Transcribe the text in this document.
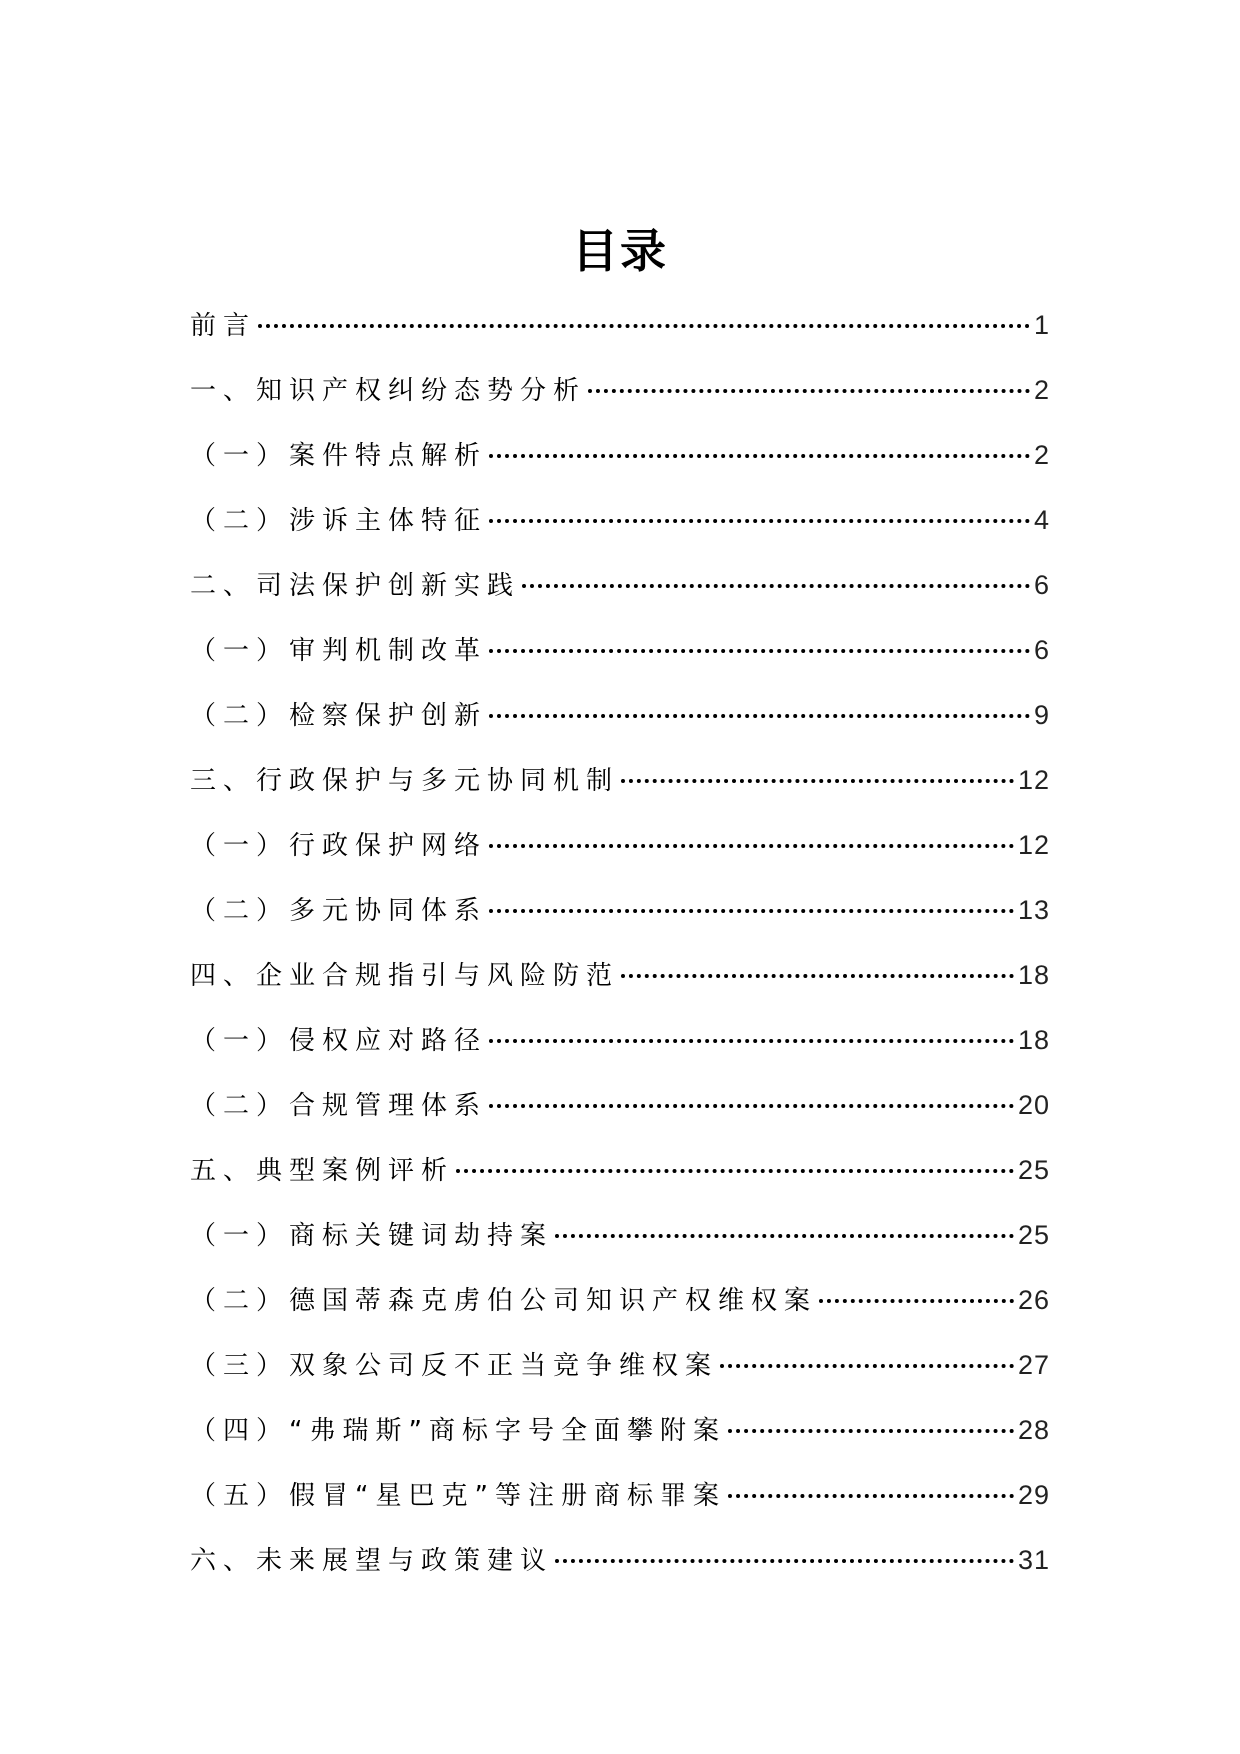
目录
前言	1
一、知识产权纠纷态势分析	2
（一）案件特点解析	2
（二）涉诉主体特征	4
二、司法保护创新实践	6
（一）审判机制改革	6
（二）检察保护创新	9
三、行政保护与多元协同机制	12
（一）行政保护网络	12
（二）多元协同体系	13
四、企业合规指引与风险防范	18
（一）侵权应对路径	18
（二）合规管理体系	20
五、典型案例评析	25
（一）商标关键词劫持案	25
（二）德国蒂森克虏伯公司知识产权维权案	26
（三）双象公司反不正当竞争维权案	27
（四）“弗瑞斯”商标字号全面攀附案	28
（五）假冒“星巴克”等注册商标罪案	29
六、未来展望与政策建议	31
